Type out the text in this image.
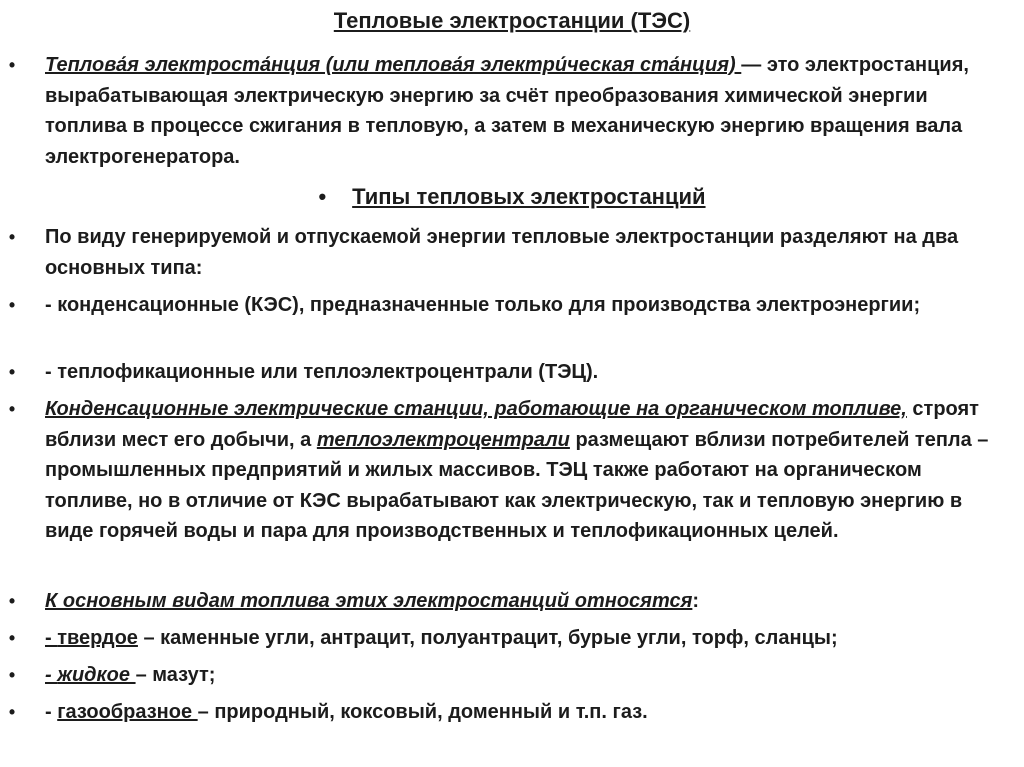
Тепловые электростанции (ТЭС)
• Теплова́я электроста́нция (или теплова́я электри́ческая ста́нция) — это электростанция, вырабатывающая электрическую энергию за счёт преобразования химической энергии топлива в процессе сжигания в тепловую, а затем в механическую энергию вращения вала электрогенератора.
• Типы тепловых электростанций
• По виду генерируемой и отпускаемой энергии тепловые электростанции разделяют на два основных типа:
• - конденсационные (КЭС), предназначенные только для производства электроэнергии;
• - теплофикационные или теплоэлектроцентрали (ТЭЦ).
• Конденсационные электрические станции, работающие на органическом топливе, строят вблизи мест его добычи, а теплоэлектроцентрали размещают вблизи потребителей тепла – промышленных предприятий и жилых массивов. ТЭЦ также работают на органическом топливе, но в отличие от КЭС вырабатывают как электрическую, так и тепловую энергию в виде горячей воды и пара для производственных и теплофикационных целей.
• К основным видам топлива этих электростанций относятся:
• - твердое – каменные угли, антрацит, полуантрацит, бурые угли, торф, сланцы;
• - жидкое – мазут;
• - газообразное – природный, коксовый, доменный и т.п. газ.
